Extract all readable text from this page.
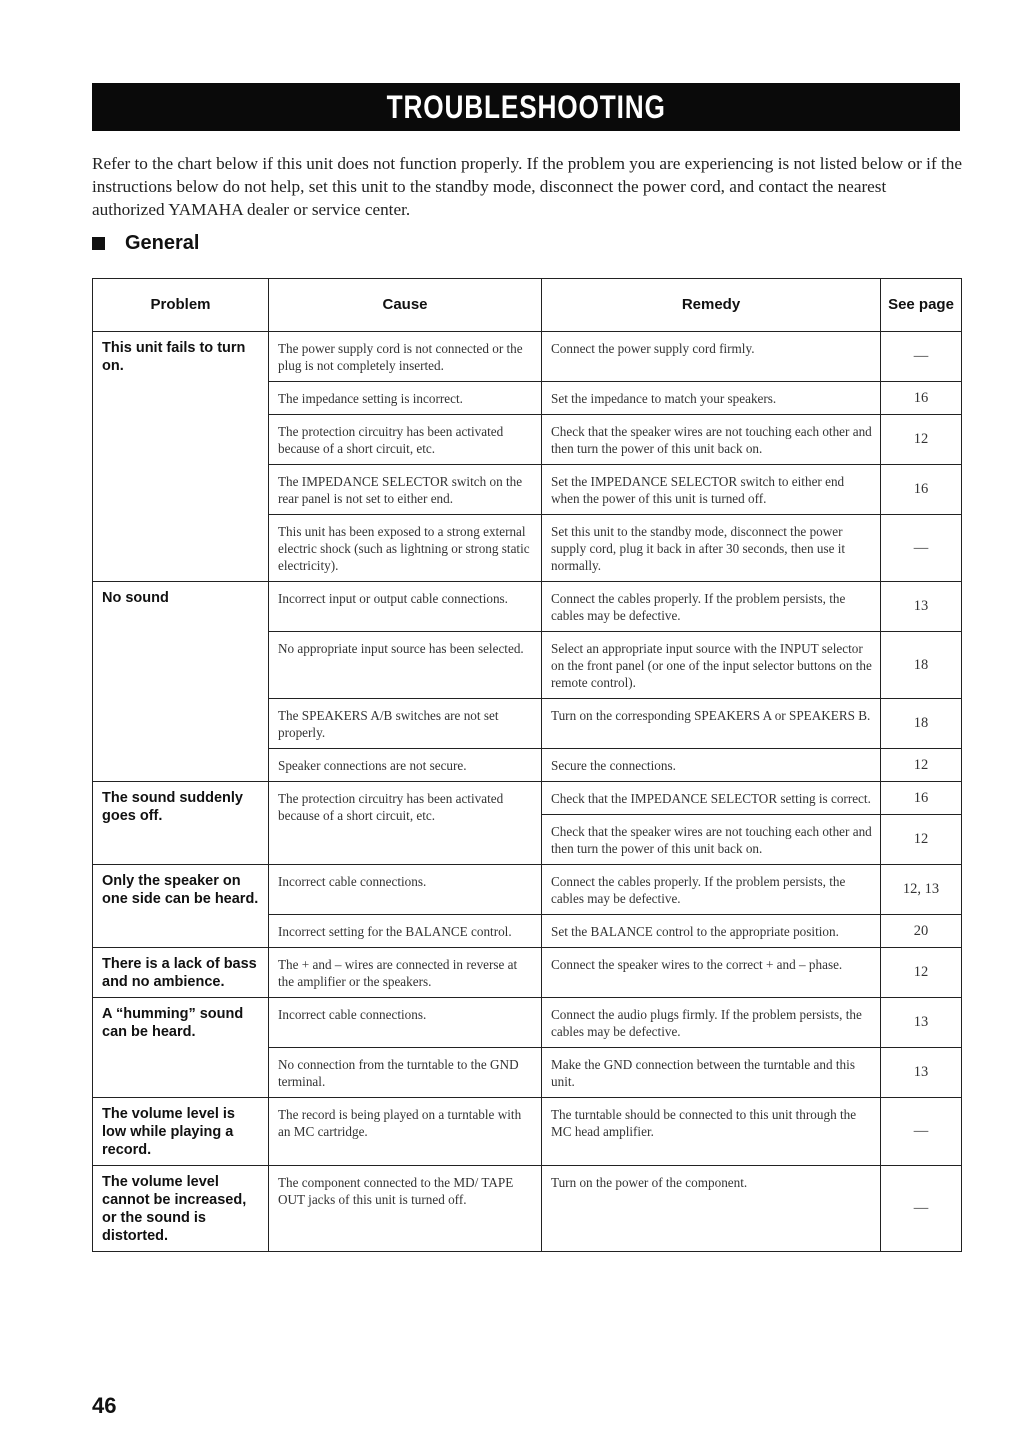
TROUBLESHOOTING

Refer to the chart below if this unit does not function properly. If the problem you are experiencing is not listed below or if the instructions below do not help, set this unit to the standby mode, disconnect the power cord, and contact the nearest authorized YAMAHA dealer or service center.

General
Problem	Cause	Remedy	See page
This unit fails to turn on.	The power supply cord is not connected or the plug is not completely inserted.	Connect the power supply cord firmly.	—
	The impedance setting is incorrect.	Set the impedance to match your speakers.	16
	The protection circuitry has been activated because of a short circuit, etc.	Check that the speaker wires are not touching each other and then turn the power of this unit back on.	12
	The IMPEDANCE SELECTOR switch on the rear panel is not set to either end.	Set the IMPEDANCE SELECTOR switch to either end when the power of this unit is turned off.	16
	This unit has been exposed to a strong external electric shock (such as lightning or strong static electricity).	Set this unit to the standby mode, disconnect the power supply cord, plug it back in after 30 seconds, then use it normally.	—
No sound	Incorrect input or output cable connections.	Connect the cables properly. If the problem persists, the cables may be defective.	13
	No appropriate input source has been selected.	Select an appropriate input source with the INPUT selector on the front panel (or one of the input selector buttons on the remote control).	18
	The SPEAKERS A/B switches are not set properly.	Turn on the corresponding SPEAKERS A or SPEAKERS B.	18
	Speaker connections are not secure.	Secure the connections.	12
The sound suddenly goes off.	The protection circuitry has been activated because of a short circuit, etc.	Check that the IMPEDANCE SELECTOR setting is correct.	16
		Check that the speaker wires are not touching each other and then turn the power of this unit back on.	12
Only the speaker on one side can be heard.	Incorrect cable connections.	Connect the cables properly. If the problem persists, the cables may be defective.	12, 13
	Incorrect setting for the BALANCE control.	Set the BALANCE control to the appropriate position.	20
There is a lack of bass and no ambience.	The + and – wires are connected in reverse at the amplifier or the speakers.	Connect the speaker wires to the correct + and – phase.	12
A “humming” sound can be heard.	Incorrect cable connections.	Connect the audio plugs firmly. If the problem persists, the cables may be defective.	13
	No connection from the turntable to the GND terminal.	Make the GND connection between the turntable and this unit.	13
The volume level is low while playing a record.	The record is being played on a turntable with an MC cartridge.	The turntable should be connected to this unit through the MC head amplifier.	—
The volume level cannot be increased, or the sound is distorted.	The component connected to the MD/ TAPE OUT jacks of this unit is turned off.	Turn on the power of the component.	—
46
